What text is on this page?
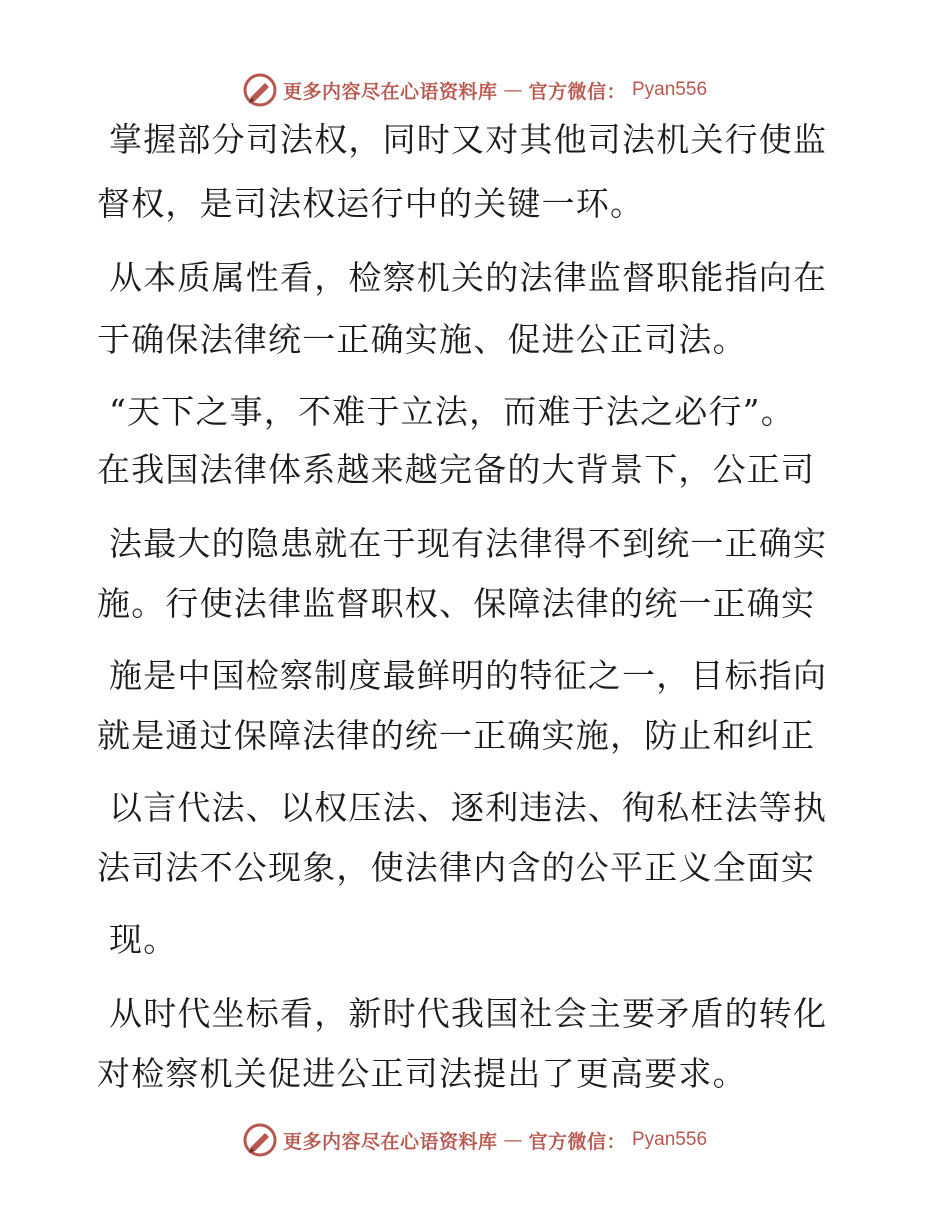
更多内容尽在心语资料库 — 官方微信： Pyan556
掌握部分司法权，同时又对其他司法机关行使监
督权，是司法权运行中的关键一环。
从本质属性看，检察机关的法律监督职能指向在
于确保法律统一正确实施、促进公正司法。
“天下之事，不难于立法，而难于法之必行”。
在我国法律体系越来越完备的大背景下，公正司
法最大的隐患就在于现有法律得不到统一正确实
施。行使法律监督职权、保障法律的统一正确实
施是中国检察制度最鲜明的特征之一，目标指向
就是通过保障法律的统一正确实施，防止和纠正
以言代法、以权压法、逐利违法、徇私枉法等执
法司法不公现象，使法律内含的公平正义全面实
现。
从时代坐标看，新时代我国社会主要矛盾的转化
对检察机关促进公正司法提出了更高要求。
更多内容尽在心语资料库 — 官方微信： Pyan556
